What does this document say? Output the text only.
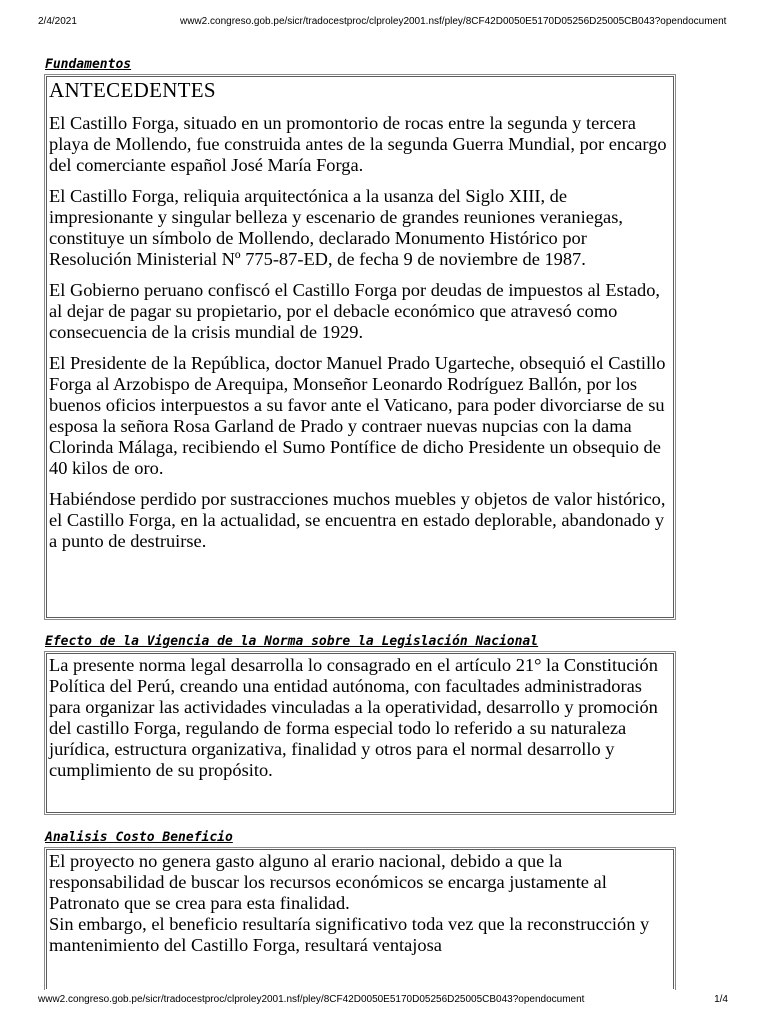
2/4/2021	www2.congreso.gob.pe/sicr/tradocestproc/clproley2001.nsf/pley/8CF42D0050E5170D05256D25005CB043?opendocument
Fundamentos
ANTECEDENTES

El Castillo Forga, situado en un promontorio de rocas entre la segunda y tercera playa de Mollendo, fue construida antes de la segunda Guerra Mundial, por encargo del comerciante español José María Forga.

El Castillo Forga, reliquia arquitectónica a la usanza del Siglo XIII, de impresionante y singular belleza y escenario de grandes reuniones veraniegas, constituye un símbolo de Mollendo, declarado Monumento Histórico por Resolución Ministerial Nº 775-87-ED, de fecha 9 de noviembre de 1987.

El Gobierno peruano confiscó el Castillo Forga por deudas de impuestos al Estado, al dejar de pagar su propietario, por el debacle económico que atravesó como consecuencia de la crisis mundial de 1929.

El Presidente de la República, doctor Manuel Prado Ugarteche, obsequió el Castillo Forga al Arzobispo de Arequipa, Monseñor Leonardo Rodríguez Ballón, por los buenos oficios interpuestos a su favor ante el Vaticano, para poder divorciarse de su esposa la señora Rosa Garland de Prado y contraer nuevas nupcias con la dama Clorinda Málaga, recibiendo el Sumo Pontífice de dicho Presidente un obsequio de 40 kilos de oro.

Habiéndose perdido por sustracciones muchos muebles y objetos de valor histórico, el Castillo Forga, en la actualidad, se encuentra en estado deplorable, abandonado y a punto de destruirse.

Efecto de la Vigencia de la Norma sobre la Legislación Nacional

La presente norma legal desarrolla lo consagrado en el artículo 21° la Constitución Política del Perú, creando una entidad autónoma, con facultades administradoras para organizar las actividades vinculadas a la operatividad, desarrollo y promoción del castillo Forga, regulando de forma especial todo lo referido a su naturaleza jurídica, estructura organizativa, finalidad y otros para el normal desarrollo y cumplimiento de su propósito.

Analisis Costo Beneficio

El proyecto no genera gasto alguno al erario nacional, debido a que la responsabilidad de buscar los recursos económicos se encarga justamente al Patronato que se crea para esta finalidad.

Sin embargo, el beneficio resultaría significativo toda vez que la reconstrucción y mantenimiento del Castillo Forga, resultará ventajosa

www2.congreso.gob.pe/sicr/tradocestproc/clproley2001.nsf/pley/8CF42D0050E5170D05256D25005CB043?opendocument	1/4
